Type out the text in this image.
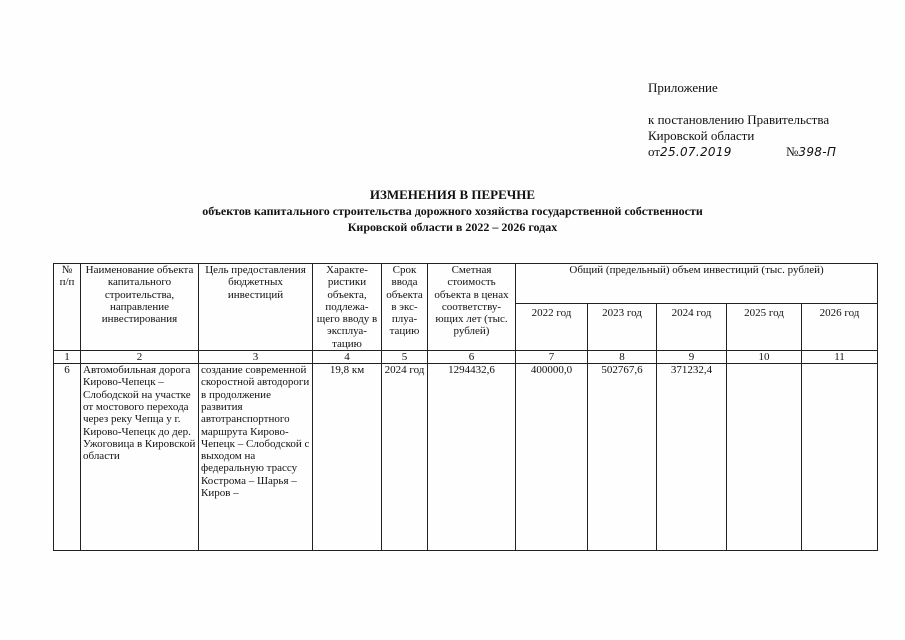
Приложение
к постановлению Правительства
Кировской области
от25.07.2019	№398-П
ИЗМЕНЕНИЯ В ПЕРЕЧНЕ
объектов капитального строительства дорожного хозяйства государственной собственности
Кировской области в 2022 – 2026 годах
№ п/п	Наименование объекта капитального строительства, направление инвестирования	Цель предоставления бюджетных инвестиций	Характе-ристики объекта, подлежа-щего вводу в эксплуа-тацию	Срок ввода объекта в экс-плуа-тацию	Сметная стоимость объекта в ценах соответству-ющих лет (тыс. рублей)	Общий (предельный) объем инвестиций (тыс. рублей)				
						2022 год	2023 год	2024 год	2025 год	2026 год
1	2	3	4	5	6	7	8	9	10	11
6	Автомобильная дорога Кирово-Чепецк – Слободской на участке от мостового перехода через реку Чепца у г. Кирово-Чепецк до дер. Ужоговица в Кировской области	создание современной скоростной автодороги в продолжение развития автотранспортного маршрута Кирово-Чепецк – Слободской с выходом на федеральную трассу Кострома – Шарья – Киров –	19,8 км	2024 год	1294432,6	400000,0	502767,6	371232,4		
